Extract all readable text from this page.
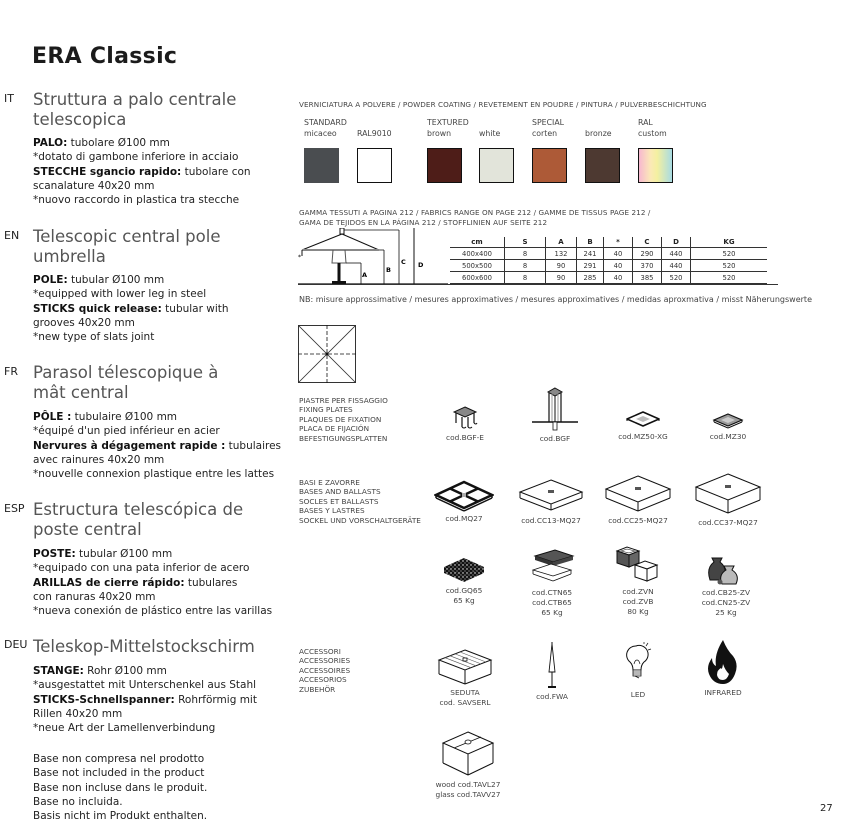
ERA Classic
IT Struttura a palo centrale
telescopica
PALO: tubolare Ø100 mm
*dotato di gambone inferiore in acciaio
STECCHE sgancio rapido: tubolare con
scanalature 40x20 mm
*nuovo raccordo in plastica tra stecche
EN Telescopic central pole
umbrella
POLE: tubular Ø100 mm
*equipped with lower leg in steel
STICKS quick release: tubular with
grooves 40x20 mm
*new type of slats joint
FR Parasol télescopique à
mât central
PÔLE : tubulaire Ø100 mm
*équipé d'un pied inférieur en acier
Nervures à dégagement rapide : tubulaires
avec rainures 40x20 mm
*nouvelle connexion plastique entre les lattes
ESP Estructura telescópica de
poste central
POSTE: tubular Ø100 mm
*equipado con una pata inferior de acero
ARILLAS de cierre rápido: tubulares
con ranuras 40x20 mm
*nueva conexión de plástico entre las varillas
DEU Teleskop-Mittelstockschirm
STANGE: Rohr Ø100 mm
*ausgestattet mit Unterschenkel aus Stahl
STICKS-Schnellspanner: Rohrförmig mit
Rillen 40x20 mm
*neue Art der Lamellenverbindung
Base non compresa nel prodotto
Base not included in the product
Base non incluse dans le produit.
Base no incluida.
Basis nicht im Produkt enthalten.
VERNICIATURA A POLVERE / POWDER COATING / REVETEMENT EN POUDRE / PINTURA / PULVERBESCHICHTUNG
STANDARD
micaceo
	RAL9010
TEXTURED
brown
	white
SPECIAL
corten
	bronze
RAL
custom
GAMMA TESSUTI A PAGINA 212 / FABRICS RANGE ON PAGE 212 / GAMME DE TISSUS PAGE 212 /
GAMA DE TEJIDOS EN LA PÁGINA 212 / STOFFLINIEN AUF SEITE 212
*
A
B
C D
cm	S	A	B	*	C	D	KG
400x400	8	132	241	40	290	440	520
500x500	8	90	291	40	370	440	520
600x600	8	90	285	40	385	520	520
NB: misure approssimative / mesures approximatives / mesures approximatives / medidas aproxmativa / misst Näherungswerte
PIASTRE PER FISSAGGIO
FIXING PLATES
PLAQUES DE FIXATION
PLACA DE FIJACIÓN
BEFESTIGUNGSPLATTEN	cod.BGF-E	cod.BGF	cod.MZ50-XG	cod.MZ30
BASI E ZAVORRE
BASES AND BALLASTS
SOCLES ET BALLASTS
BASES Y LASTRES
SOCKEL UND VORSCHALTGERÄTE	cod.MQ27	cod.CC13-MQ27	cod.CC25-MQ27	cod.CC37-MQ27
cod.GQ65
65 Kg
cod.CTN65
cod.CTB65
65 Kg
cod.ZVN
cod.ZVB
80 Kg
cod.CB25-ZV
cod.CN25-ZV
25 Kg
ACCESSORI
ACCESSORIES
ACCESSOIRES
ACCESORIOS
ZUBEHÖR	SEDUTA
cod. SAVSERL
cod.FWA	LED	INFRARED
wood cod.TAVL27
glass cod.TAVV27
27
